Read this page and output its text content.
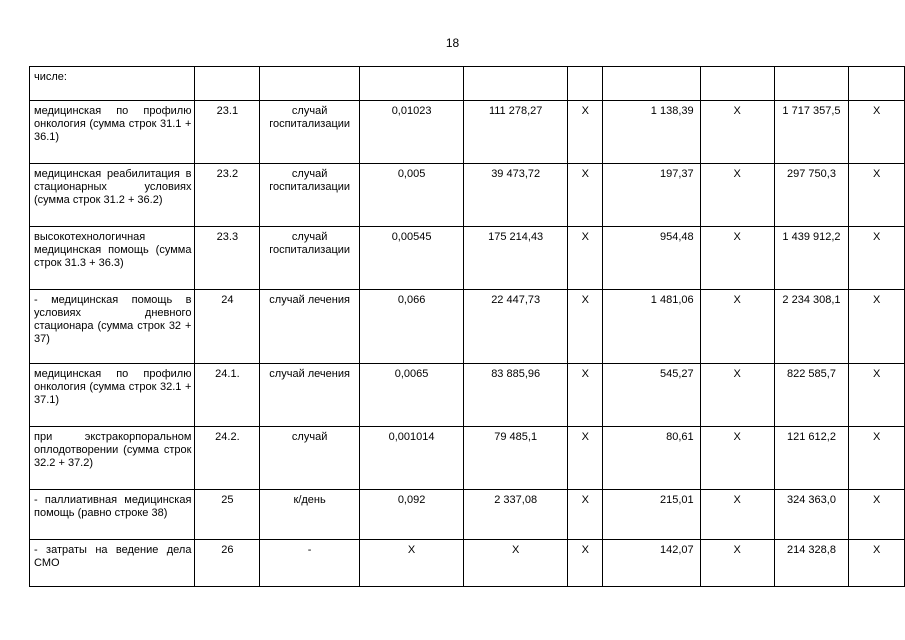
18
числе:									
медицинская по профилю онкология (сумма строк 31.1 + 36.1)	23.1	случай госпитализации	0,01023	111 278,27	X	1 138,39	X	1 717 357,5	X
медицинская реабилитация в стационарных условиях (сумма строк 31.2 + 36.2)	23.2	случай госпитализации	0,005	39 473,72	X	197,37	X	297 750,3	X
высокотехнологичная медицинская помощь (сумма строк 31.3 + 36.3)	23.3	случай госпитализации	0,00545	175 214,43	X	954,48	X	1 439 912,2	X
- медицинская помощь в условиях дневного стационара (сумма строк 32 + 37)	24	случай лечения	0,066	22 447,73	X	1 481,06	X	2 234 308,1	X
медицинская по профилю онкология (сумма строк 32.1 + 37.1)	24.1.	случай лечения	0,0065	83 885,96	X	545,27	X	822 585,7	X
при экстракорпоральном оплодотворении (сумма строк 32.2 + 37.2)	24.2.	случай	0,001014	79 485,1	X	80,61	X	121 612,2	X
- паллиативная медицинская помощь (равно строке 38)	25	к/день	0,092	2 337,08	X	215,01	X	324 363,0	X
- затраты на ведение дела СМО	26	-	X	X	X	142,07	X	214 328,8	X
